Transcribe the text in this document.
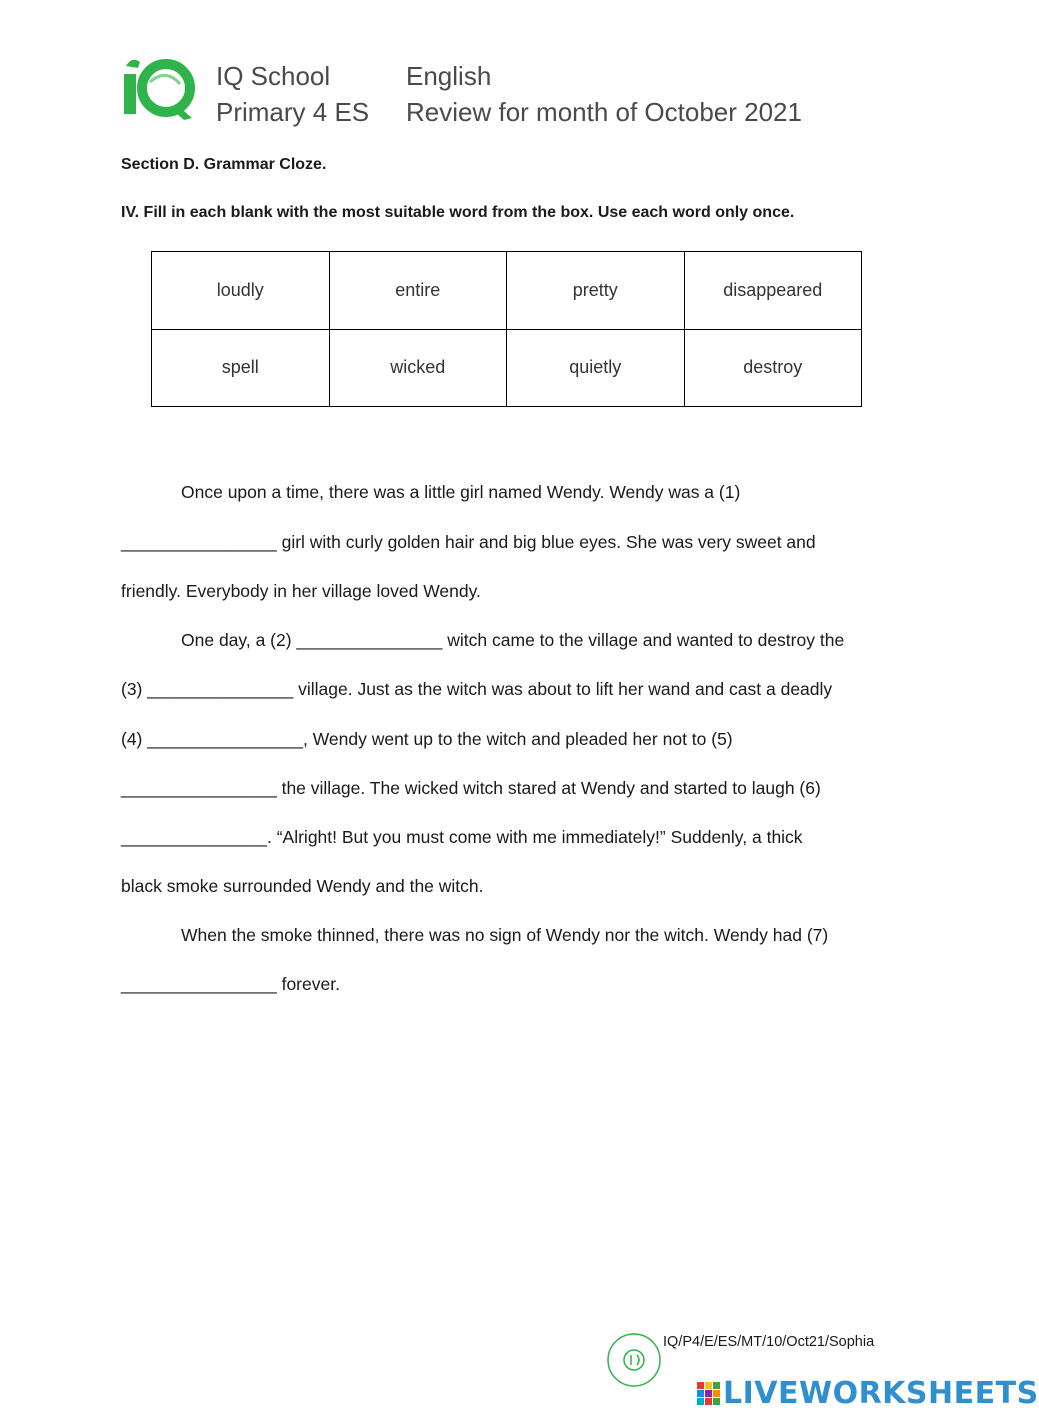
IQ School
Primary 4 ES
English
Review for month of October 2021
Section D. Grammar Cloze.
IV. Fill in each blank with the most suitable word from the box. Use each word only once.
loudly	entire	pretty	disappeared
spell	wicked	quietly	destroy
Once upon a time, there was a little girl named Wendy. Wendy was a (1)
________________ girl with curly golden hair and big blue eyes. She was very sweet and
friendly. Everybody in her village loved Wendy.
One day, a (2) _______________ witch came to the village and wanted to destroy the
(3) _______________ village. Just as the witch was about to lift her wand and cast a deadly
(4) ________________, Wendy went up to the witch and pleaded her not to (5)
________________ the village. The wicked witch stared at Wendy and started to laugh (6)
_______________. “Alright! But you must come with me immediately!” Suddenly, a thick
black smoke surrounded Wendy and the witch.
When the smoke thinned, there was no sign of Wendy nor the witch. Wendy had (7)
________________ forever.
IQ/P4/E/ES/MT/10/Oct21/Sophia
LIVEWORKSHEETS
